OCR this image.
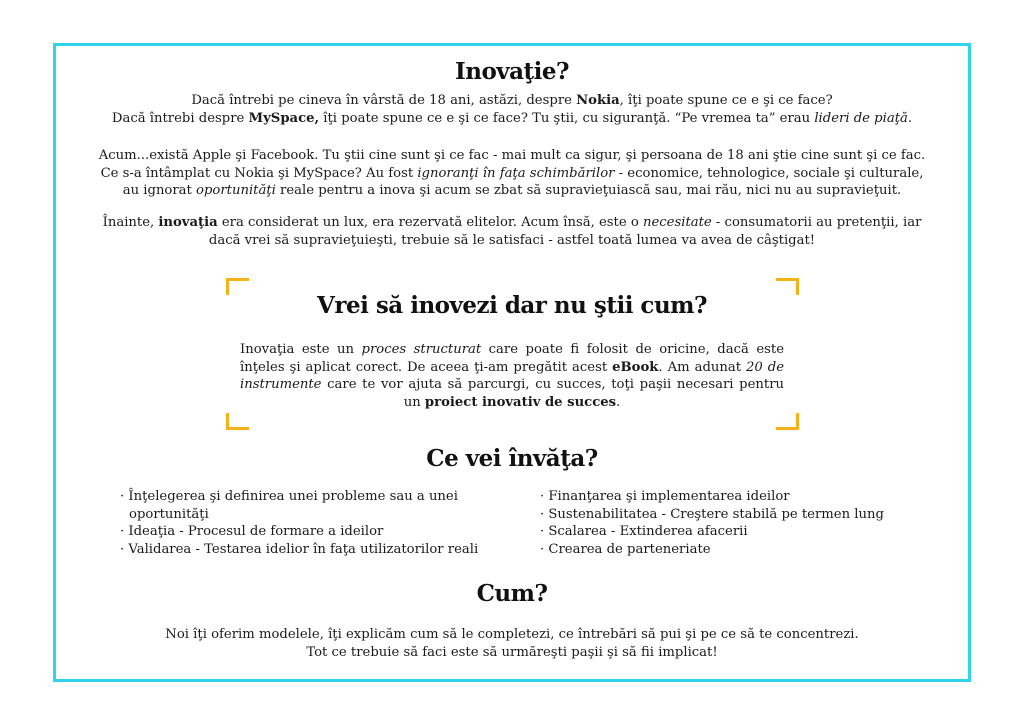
Inovaţie?

Dacă întrebi pe cineva în vârstă de 18 ani, astăzi, despre Nokia, îţi poate spune ce e şi ce face?

Dacă întrebi despre MySpace, îţi poate spune ce e şi ce face? Tu ştii, cu siguranţă. “Pe vremea ta” erau lideri de piaţă.

Acum...există Apple şi Facebook. Tu ştii cine sunt şi ce fac - mai mult ca sigur, şi persoana de 18 ani ştie cine sunt şi ce fac.

Ce s-a întâmplat cu Nokia şi MySpace? Au fost ignoranţi în faţa schimbărilor - economice, tehnologice, sociale şi culturale,

au ignorat oportunităţi reale pentru a inova şi acum se zbat să supravieţuiască sau, mai rău, nici nu au supravieţuit.

Înainte, inovaţia era considerat un lux, era rezervată elitelor. Acum însă, este o necesitate - consumatorii au pretenţii, iar

dacă vrei să supravieţuieşti, trebuie să le satisfaci - astfel toată lumea va avea de câştigat!

Vrei să inovezi dar nu ştii cum?

Inovaţia este un proces structurat care poate fi folosit de oricine, dacă este înţeles şi aplicat corect. De aceea ţi-am pregătit acest eBook. Am adunat 20 de instrumente care te vor ajuta să parcurgi, cu succes, toţi paşii necesari pentru un proiect inovativ de succes.

Ce vei învăţa?
· Înţelegerea şi definirea unei probleme sau a unei oportunităţi
· Ideaţia - Procesul de formare a ideilor
· Validarea - Testarea idelior în faţa utilizatorilor reali
· Finanţarea şi implementarea ideilor
· Sustenabilitatea - Creştere stabilă pe termen lung
· Scalarea - Extinderea afacerii
· Crearea de parteneriate
Cum?

Noi îţi oferim modelele, îţi explicăm cum să le completezi, ce întrebări să pui şi pe ce să te concentrezi.

Tot ce trebuie să faci este să urmăreşti paşii şi să fii implicat!
